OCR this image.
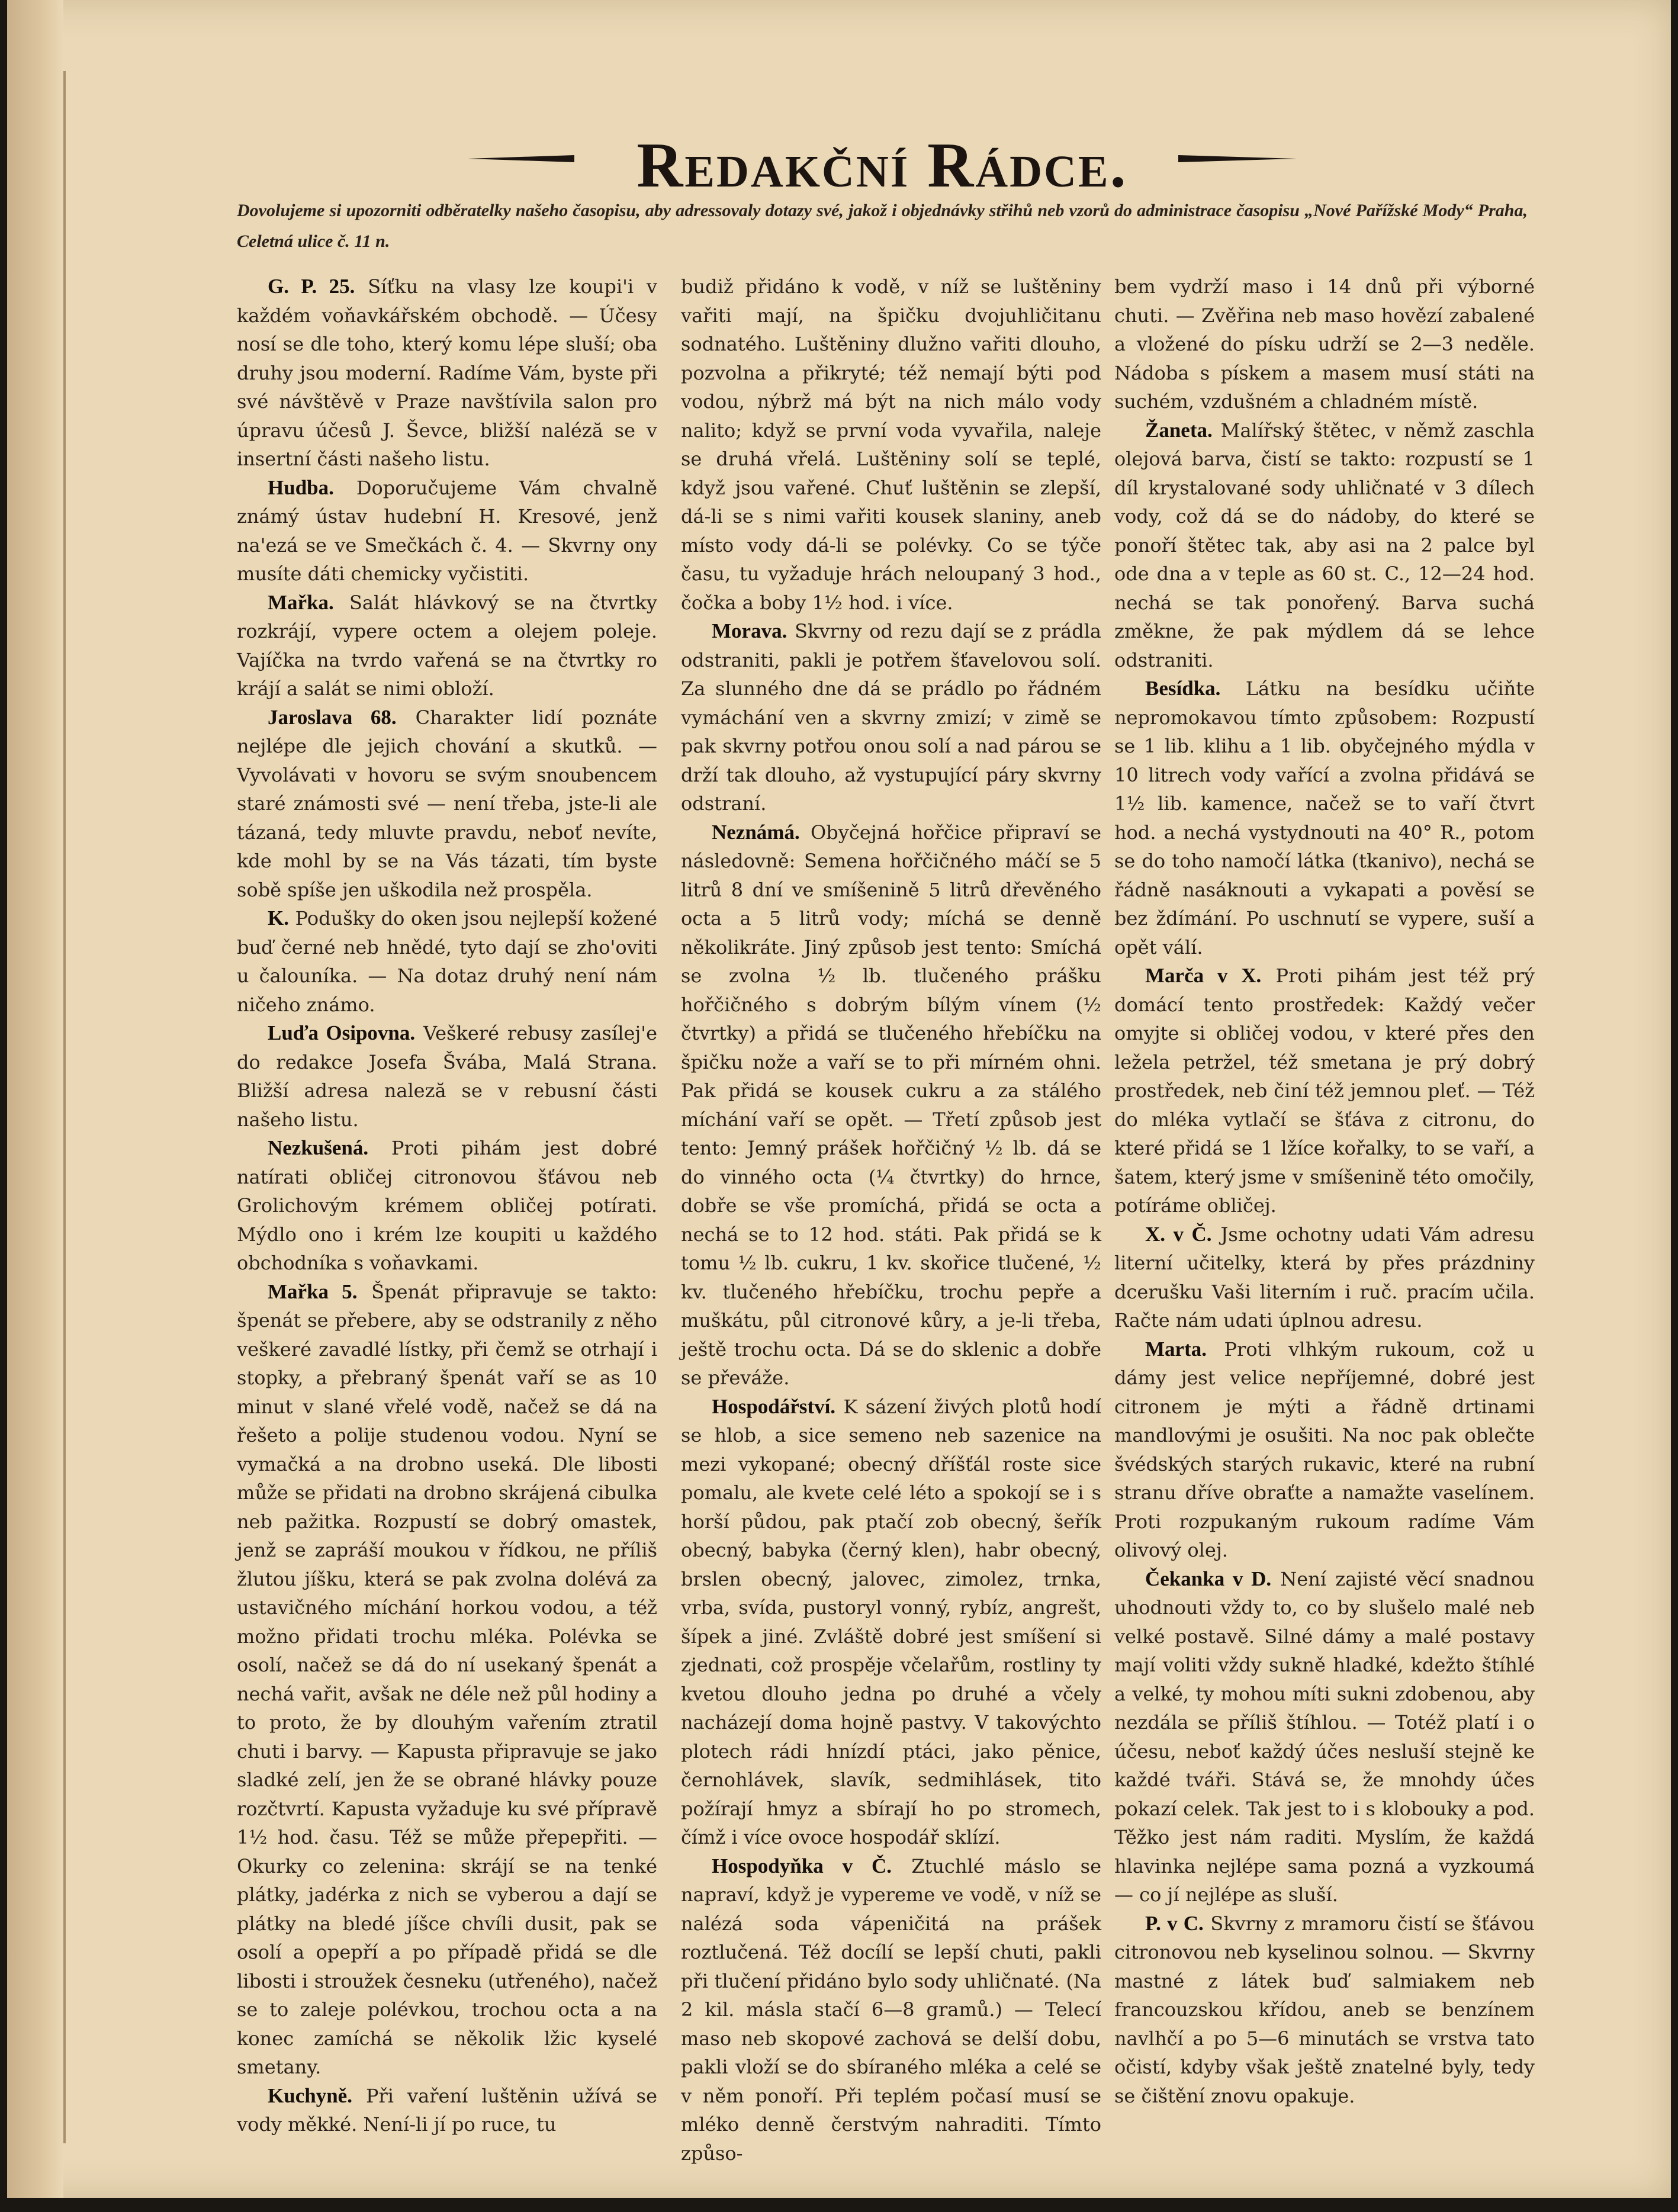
Redakční Rádce.
Dovolujeme si upozorniti odběratelky našeho časopisu, aby adressovaly dotazy své, jakož i objednávky střihů neb vzorů do administrace časopisu „Nové Pařížské Mody“ Praha, Celetná ulice č. 11 n.

G. P. 25. Síťku na vlasy lze koupi'i v každém voňavkářském obchodě. — Účesy nosí se dle toho, který komu lépe sluší; oba druhy jsou moderní. Radíme Vám, byste při své návštěvě v Praze navštívila salon pro úpravu účesů J. Ševce, bližší naléză se v insertní části našeho listu.

Hudba. Doporučujeme Vám chvalně známý ústav hudební H. Kresové, jenž na'ezá se ve Smečkách č. 4. — Skvrny ony musíte dáti chemicky vyčistiti.

Mařka. Salát hlávkový se na čtvrtky rozkrájí, vypere octem a olejem poleje. Vajíčka na tvrdo vařená se na čtvrtky ro krájí a salát se nimi obloží.

Jaroslava 68. Charakter lidí poznáte nejlépe dle jejich chování a skutků. — Vyvolávati v hovoru se svým snoubencem staré známosti své — není třeba, jste-li ale tázaná, tedy mluvte pravdu, neboť nevíte, kde mohl by se na Vás tázati, tím byste sobě spíše jen uškodila než prospěla.

K. Podušky do oken jsou nejlepší kožené buď černé neb hnědé, tyto dají se zho'oviti u čalouníka. — Na dotaz druhý není nám ničeho známo.

Luďa Osipovna. Veškeré rebusy zasílej'e do redakce Josefa Švába, Malá Strana. Bližší adresa naleză se v rebusní části našeho listu.

Nezkušená. Proti pihám jest dobré natírati obličej citronovou šťávou neb Grolichovým krémem obličej potírati. Mýdlo ono i krém lze koupiti u každého obchodníka s voňavkami.

Mařka 5. Špenát připravuje se takto: špenát se přebere, aby se odstranily z něho veškeré zavadlé lístky, při čemž se otrhají i stopky, a přebraný špenát vaří se as 10 minut v slané vřelé vodě, načež se dá na řešeto a polije studenou vodou. Nyní se vymačká a na drobno useká. Dle libosti může se přidati na drobno skrájená cibulka neb pažitka. Rozpustí se dobrý omastek, jenž se zapráší moukou v řídkou, ne příliš žlutou jíšku, která se pak zvolna dolévá za ustavičného míchání horkou vodou, a též možno přidati trochu mléka. Polévka se osolí, načež se dá do ní usekaný špenát a nechá vařit, avšak ne déle než půl hodiny a to proto, že by dlouhým vařením ztratil chuti i barvy. — Kapusta připravuje se jako sladké zelí, jen že se obrané hlávky pouze rozčtvrtí. Kapusta vyžaduje ku své přípravě 1½ hod. času. Též se může přepepřiti. — Okurky co zelenina: skrájí se na tenké plátky, jadérka z nich se vyberou a dají se plátky na bledé jíšce chvíli dusit, pak se osolí a opepří a po případě přidá se dle libosti i stroužek česneku (utřeného), načež se to zaleje polévkou, trochou octa a na konec zamíchá se několik lžic kyselé smetany.

Kuchyně. Při vaření luštěnin užívá se vody měkké. Není-li jí po ruce, tu

budiž přidáno k vodě, v níž se luštěniny vařiti mají, na špičku dvojuhličitanu sodnatého. Luštěniny dlužno vařiti dlouho, pozvolna a přikryté; též nemají býti pod vodou, nýbrž má být na nich málo vody nalito; když se první voda vyvařila, naleje se druhá vřelá. Luštěniny solí se teplé, když jsou vařené. Chuť luštěnin se zlepší, dá-li se s nimi vařiti kousek slaniny, aneb místo vody dá-li se polévky. Co se týče času, tu vyžaduje hrách neloupaný 3 hod., čočka a boby 1½ hod. i více.

Morava. Skvrny od rezu dají se z prádla odstraniti, pakli je potřem šťavelovou solí. Za slunného dne dá se prádlo po řádném vymáchání ven a skvrny zmizí; v zimě se pak skvrny potřou onou solí a nad párou se drží tak dlouho, až vystupující páry skvrny odstraní.

Neznámá. Obyčejná hořčice připraví se následovně: Semena hořčičného máčí se 5 litrů 8 dní ve smíšenině 5 litrů dřevěného octa a 5 litrů vody; míchá se denně několikráte. Jiný způsob jest tento: Smíchá se zvolna ½ lb. tlučeného prášku hořčičného s dobrým bílým vínem (½ čtvrtky) a přidá se tlučeného hřebíčku na špičku nože a vaří se to při mírném ohni. Pak přidá se kousek cukru a za stálého míchání vaří se opět. — Třetí způsob jest tento: Jemný prášek hořčičný ½ lb. dá se do vinného octa (¼ čtvrtky) do hrnce, dobře se vše promíchá, přidá se octa a nechá se to 12 hod. státi. Pak přidá se k tomu ½ lb. cukru, 1 kv. skořice tlučené, ½ kv. tlučeného hřebíčku, trochu pepře a muškátu, půl citronové kůry, a je-li třeba, ještě trochu octa. Dá se do sklenic a dobře se převáže.

Hospodářství. K sázení živých plotů hodí se hlob, a sice semeno neb sazenice na mezi vykopané; obecný dříšťál roste sice pomalu, ale kvete celé léto a spokojí se i s horší půdou, pak ptačí zob obecný, šeřík obecný, babyka (černý klen), habr obecný, brslen obecný, jalovec, zimolez, trnka, vrba, svída, pustoryl vonný, rybíz, angrešt, šípek a jiné. Zvláště dobré jest smíšení si zjednati, což prospěje včelařům, rostliny ty kvetou dlouho jedna po druhé a včely nacházejí doma hojně pastvy. V takovýchto plotech rádi hnízdí ptáci, jako pěnice, černohlávek, slavík, sedmihlásek, tito požírají hmyz a sbírají ho po stromech, čímž i více ovoce hospodář sklízí.

Hospodyňka v Č. Ztuchlé máslo se napraví, když je vypereme ve vodě, v níž se nalézá soda vápeničitá na prášek roztlučená. Též docílí se lepší chuti, pakli při tlučení přidáno bylo sody uhličnaté. (Na 2 kil. másla stačí 6—8 gramů.) — Telecí maso neb skopové zachová se delší dobu, pakli vloží se do sbíraného mléka a celé se v něm ponoří. Při teplém počasí musí se mléko denně čerstvým nahraditi. Tímto způso-

bem vydrží maso i 14 dnů při výborné chuti. — Zvěřina neb maso hovězí zabalené a vložené do písku udrží se 2—3 neděle. Nádoba s pískem a masem musí státi na suchém, vzdušném a chladném místě.

Žaneta. Malířský štětec, v němž zaschla olejová barva, čistí se takto: rozpustí se 1 díl krystalované sody uhličnaté v 3 dílech vody, což dá se do nádoby, do které se ponoří štětec tak, aby asi na 2 palce byl ode dna a v teple as 60 st. C., 12—24 hod. nechá se tak ponořený. Barva suchá změkne, že pak mýdlem dá se lehce odstraniti.

Besídka. Látku na besídku učiňte nepromokavou tímto způsobem: Rozpustí se 1 lib. klihu a 1 lib. obyčejného mýdla v 10 litrech vody vařící a zvolna přidává se 1½ lib. kamence, načež se to vaří čtvrt hod. a nechá vystydnouti na 40° R., potom se do toho namočí látka (tkanivo), nechá se řádně nasáknouti a vykapati a pověsí se bez ždímání. Po uschnutí se vypere, suší a opět válí.

Marča v X. Proti pihám jest též prý domácí tento prostředek: Každý večer omyjte si obličej vodou, v které přes den ležela petržel, též smetana je prý dobrý prostředek, neb činí též jemnou pleť. — Též do mléka vytlačí se šťáva z citronu, do které přidá se 1 lžíce kořalky, to se vaří, a šatem, který jsme v smíšenině této omočily, potíráme obličej.

X. v Č. Jsme ochotny udati Vám adresu literní učitelky, která by přes prázdniny dcerušku Vaši literním i ruč. pracím učila. Račte nám udati úplnou adresu.

Marta. Proti vlhkým rukoum, což u dámy jest velice nepříjemné, dobré jest citronem je mýti a řádně drtinami mandlovými je osušiti. Na noc pak oblečte švédských starých rukavic, které na rubní stranu dříve obraťte a namažte vaselínem. Proti rozpukaným rukoum radíme Vám olivový olej.

Čekanka v D. Není zajisté věcí snadnou uhodnouti vždy to, co by slušelo malé neb velké postavě. Silné dámy a malé postavy mají voliti vždy sukně hladké, kdežto štíhlé a velké, ty mohou míti sukni zdobenou, aby nezdála se příliš štíhlou. — Totéž platí i o účesu, neboť každý účes nesluší stejně ke každé tváři. Stává se, že mnohdy účes pokazí celek. Tak jest to i s klobouky a pod. Těžko jest nám raditi. Myslím, že každá hlavinka nejlépe sama pozná a vyzkoumá — co jí nejlépe as sluší.

P. v C. Skvrny z mramoru čistí se šťávou citronovou neb kyselinou solnou. — Skvrny mastné z látek buď salmiakem neb francouzskou křídou, aneb se benzínem navlhčí a po 5—6 minutách se vrstva tato očistí, kdyby však ještě znatelné byly, tedy se čištění znovu opakuje.
